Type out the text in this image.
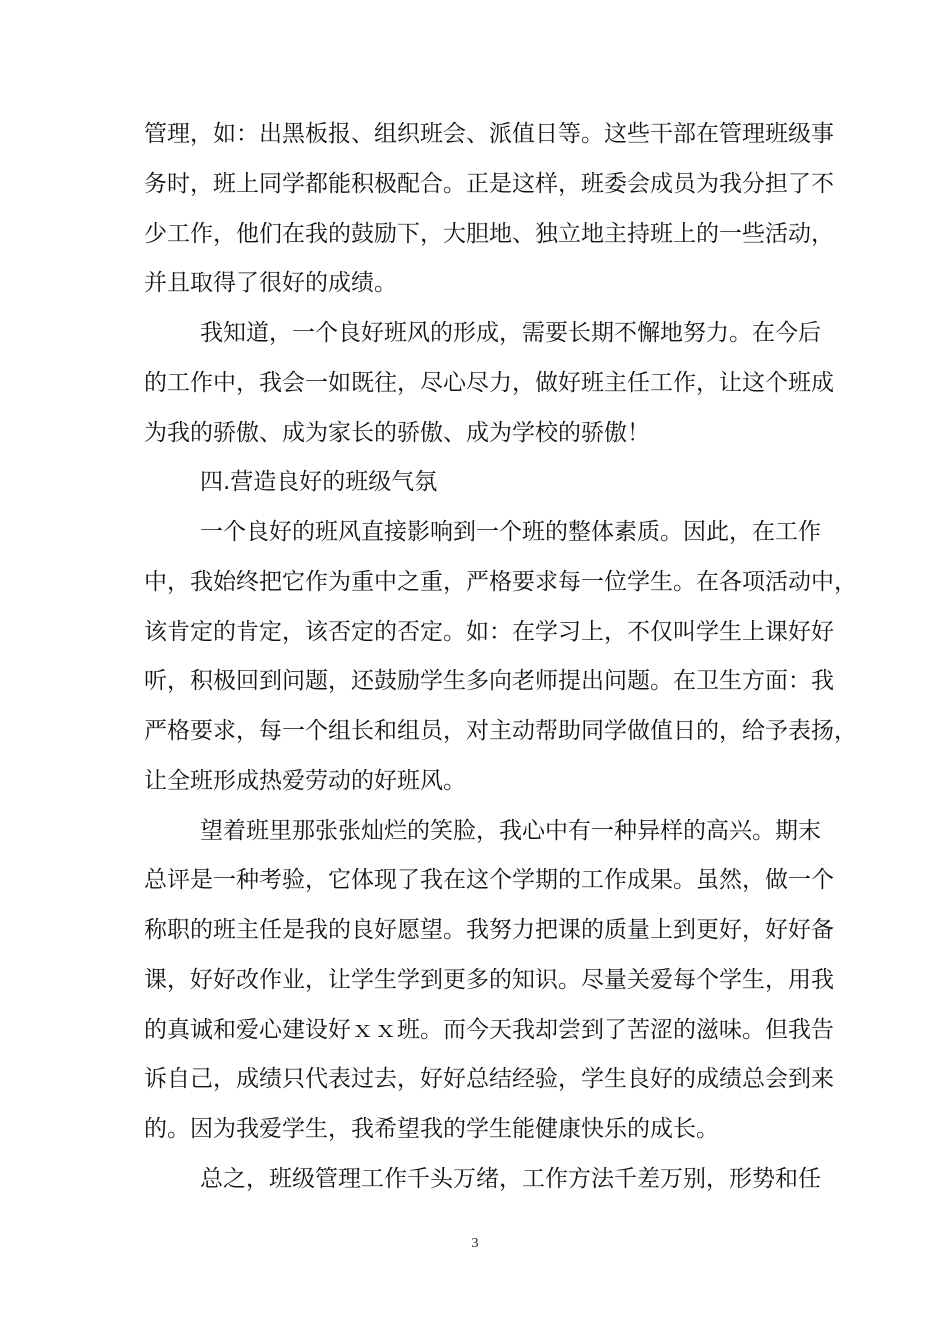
管理，如：出黑板报、组织班会、派值日等。这些干部在管理班级事
务时，班上同学都能积极配合。正是这样，班委会成员为我分担了不
少工作，他们在我的鼓励下，大胆地、独立地主持班上的一些活动，
并且取得了很好的成绩。
我知道，一个良好班风的形成，需要长期不懈地努力。在今后
的工作中，我会一如既往，尽心尽力，做好班主任工作，让这个班成
为我的骄傲、成为家长的骄傲、成为学校的骄傲！
四.营造良好的班级气氛
一个良好的班风直接影响到一个班的整体素质。因此，在工作
中，我始终把它作为重中之重，严格要求每一位学生。在各项活动中，
该肯定的肯定，该否定的否定。如：在学习上，不仅叫学生上课好好
听，积极回到问题，还鼓励学生多向老师提出问题。在卫生方面：我
严格要求，每一个组长和组员，对主动帮助同学做值日的，给予表扬，
让全班形成热爱劳动的好班风。
望着班里那张张灿烂的笑脸，我心中有一种异样的高兴。期末
总评是一种考验，它体现了我在这个学期的工作成果。虽然，做一个
称职的班主任是我的良好愿望。我努力把课的质量上到更好，好好备
课，好好改作业，让学生学到更多的知识。尽量关爱每个学生，用我
的真诚和爱心建设好ｘｘ班。而今天我却尝到了苦涩的滋味。但我告
诉自己，成绩只代表过去，好好总结经验，学生良好的成绩总会到来
的。因为我爱学生，我希望我的学生能健康快乐的成长。
总之，班级管理工作千头万绪，工作方法千差万别，形势和任
3
